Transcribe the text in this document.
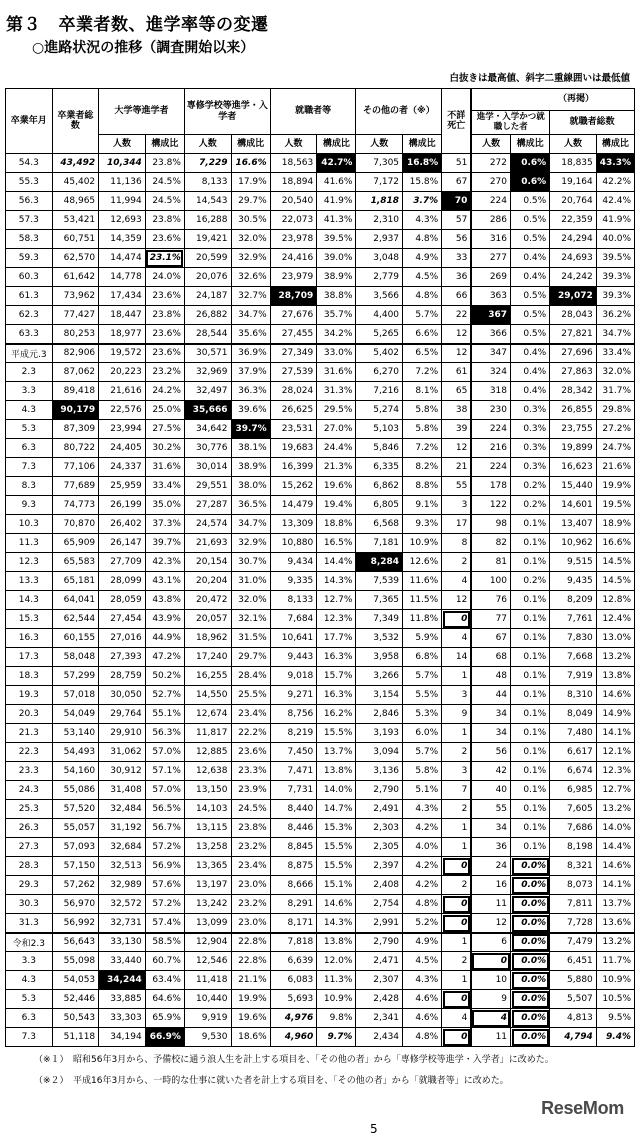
第３　卒業者数、進学率等の変遷
○進路状況の推移（調査開始以来）
白抜きは最高値、斜字二重線囲いは最低値
卒業年月	卒業者総数	大学等進学者		専修学校等進学・入学者		就職者等		その他の者（※）		不詳死亡	（再掲）			
											進学・入学かつ就職した者		就職者総数	
		人数	構成比	人数	構成比	人数	構成比	人数	構成比		人数	構成比	人数	構成比
54.3	43,492	10,344	23.8%	7,229	16.6%	18,563	42.7%	7,305	16.8%	51	272	0.6%	18,835	43.3%
55.3	45,402	11,136	24.5%	8,133	17.9%	18,894	41.6%	7,172	15.8%	67	270	0.6%	19,164	42.2%
56.3	48,965	11,994	24.5%	14,543	29.7%	20,540	41.9%	1,818	3.7%	70	224	0.5%	20,764	42.4%
57.3	53,421	12,693	23.8%	16,288	30.5%	22,073	41.3%	2,310	4.3%	57	286	0.5%	22,359	41.9%
58.3	60,751	14,359	23.6%	19,421	32.0%	23,978	39.5%	2,937	4.8%	56	316	0.5%	24,294	40.0%
59.3	62,570	14,474	23.1%	20,599	32.9%	24,416	39.0%	3,048	4.9%	33	277	0.4%	24,693	39.5%
60.3	61,642	14,778	24.0%	20,076	32.6%	23,979	38.9%	2,779	4.5%	36	269	0.4%	24,242	39.3%
61.3	73,962	17,434	23.6%	24,187	32.7%	28,709	38.8%	3,566	4.8%	66	363	0.5%	29,072	39.3%
62.3	77,427	18,447	23.8%	26,882	34.7%	27,676	35.7%	4,400	5.7%	22	367	0.5%	28,043	36.2%
63.3	80,253	18,977	23.6%	28,544	35.6%	27,455	34.2%	5,265	6.6%	12	366	0.5%	27,821	34.7%
平成元.3	82,906	19,572	23.6%	30,571	36.9%	27,349	33.0%	5,402	6.5%	12	347	0.4%	27,696	33.4%
2.3	87,062	20,223	23.2%	32,969	37.9%	27,539	31.6%	6,270	7.2%	61	324	0.4%	27,863	32.0%
3.3	89,418	21,616	24.2%	32,497	36.3%	28,024	31.3%	7,216	8.1%	65	318	0.4%	28,342	31.7%
4.3	90,179	22,576	25.0%	35,666	39.6%	26,625	29.5%	5,274	5.8%	38	230	0.3%	26,855	29.8%
5.3	87,309	23,994	27.5%	34,642	39.7%	23,531	27.0%	5,103	5.8%	39	224	0.3%	23,755	27.2%
6.3	80,722	24,405	30.2%	30,776	38.1%	19,683	24.4%	5,846	7.2%	12	216	0.3%	19,899	24.7%
7.3	77,106	24,337	31.6%	30,014	38.9%	16,399	21.3%	6,335	8.2%	21	224	0.3%	16,623	21.6%
8.3	77,689	25,959	33.4%	29,551	38.0%	15,262	19.6%	6,862	8.8%	55	178	0.2%	15,440	19.9%
9.3	74,773	26,199	35.0%	27,287	36.5%	14,479	19.4%	6,805	9.1%	3	122	0.2%	14,601	19.5%
10.3	70,870	26,402	37.3%	24,574	34.7%	13,309	18.8%	6,568	9.3%	17	98	0.1%	13,407	18.9%
11.3	65,909	26,147	39.7%	21,693	32.9%	10,880	16.5%	7,181	10.9%	8	82	0.1%	10,962	16.6%
12.3	65,583	27,709	42.3%	20,154	30.7%	9,434	14.4%	8,284	12.6%	2	81	0.1%	9,515	14.5%
13.3	65,181	28,099	43.1%	20,204	31.0%	9,335	14.3%	7,539	11.6%	4	100	0.2%	9,435	14.5%
14.3	64,041	28,059	43.8%	20,472	32.0%	8,133	12.7%	7,365	11.5%	12	76	0.1%	8,209	12.8%
15.3	62,544	27,454	43.9%	20,057	32.1%	7,684	12.3%	7,349	11.8%	0	77	0.1%	7,761	12.4%
16.3	60,155	27,016	44.9%	18,962	31.5%	10,641	17.7%	3,532	5.9%	4	67	0.1%	7,830	13.0%
17.3	58,048	27,393	47.2%	17,240	29.7%	9,443	16.3%	3,958	6.8%	14	68	0.1%	7,668	13.2%
18.3	57,299	28,759	50.2%	16,255	28.4%	9,018	15.7%	3,266	5.7%	1	48	0.1%	7,919	13.8%
19.3	57,018	30,050	52.7%	14,550	25.5%	9,271	16.3%	3,154	5.5%	3	44	0.1%	8,310	14.6%
20.3	54,049	29,764	55.1%	12,674	23.4%	8,756	16.2%	2,846	5.3%	9	34	0.1%	8,049	14.9%
21.3	53,140	29,910	56.3%	11,817	22.2%	8,219	15.5%	3,193	6.0%	1	34	0.1%	7,480	14.1%
22.3	54,493	31,062	57.0%	12,885	23.6%	7,450	13.7%	3,094	5.7%	2	56	0.1%	6,617	12.1%
23.3	54,160	30,912	57.1%	12,638	23.3%	7,471	13.8%	3,136	5.8%	3	42	0.1%	6,674	12.3%
24.3	55,086	31,408	57.0%	13,150	23.9%	7,731	14.0%	2,790	5.1%	7	40	0.1%	6,985	12.7%
25.3	57,520	32,484	56.5%	14,103	24.5%	8,440	14.7%	2,491	4.3%	2	55	0.1%	7,605	13.2%
26.3	55,057	31,192	56.7%	13,115	23.8%	8,446	15.3%	2,303	4.2%	1	34	0.1%	7,686	14.0%
27.3	57,093	32,684	57.2%	13,258	23.2%	8,845	15.5%	2,305	4.0%	1	36	0.1%	8,198	14.4%
28.3	57,150	32,513	56.9%	13,365	23.4%	8,875	15.5%	2,397	4.2%	0	24	0.0%	8,321	14.6%
29.3	57,262	32,989	57.6%	13,197	23.0%	8,666	15.1%	2,408	4.2%	2	16	0.0%	8,073	14.1%
30.3	56,970	32,572	57.2%	13,242	23.2%	8,291	14.6%	2,754	4.8%	0	11	0.0%	7,811	13.7%
31.3	56,992	32,731	57.4%	13,099	23.0%	8,171	14.3%	2,991	5.2%	0	12	0.0%	7,728	13.6%
令和2.3	56,643	33,130	58.5%	12,904	22.8%	7,818	13.8%	2,790	4.9%	1	6	0.0%	7,479	13.2%
3.3	55,098	33,440	60.7%	12,546	22.8%	6,639	12.0%	2,471	4.5%	2	0	0.0%	6,451	11.7%
4.3	54,053	34,244	63.4%	11,418	21.1%	6,083	11.3%	2,307	4.3%	1	10	0.0%	5,880	10.9%
5.3	52,446	33,885	64.6%	10,440	19.9%	5,693	10.9%	2,428	4.6%	0	9	0.0%	5,507	10.5%
6.3	50,543	33,303	65.9%	9,919	19.6%	4,976	9.8%	2,341	4.6%	4	4	0.0%	4,813	9.5%
7.3	51,118	34,194	66.9%	9,530	18.6%	4,960	9.7%	2,434	4.8%	0	11	0.0%	4,794	9.4%
（※１）　昭和56年3月から、予備校に通う浪人生を計上する項目を、「その他の者」から「専修学校等進学・入学者」に改めた。
（※２）　平成16年3月から、一時的な仕事に就いた者を計上する項目を、「その他の者」から「就職者等」に改めた。
ReseMom
5
